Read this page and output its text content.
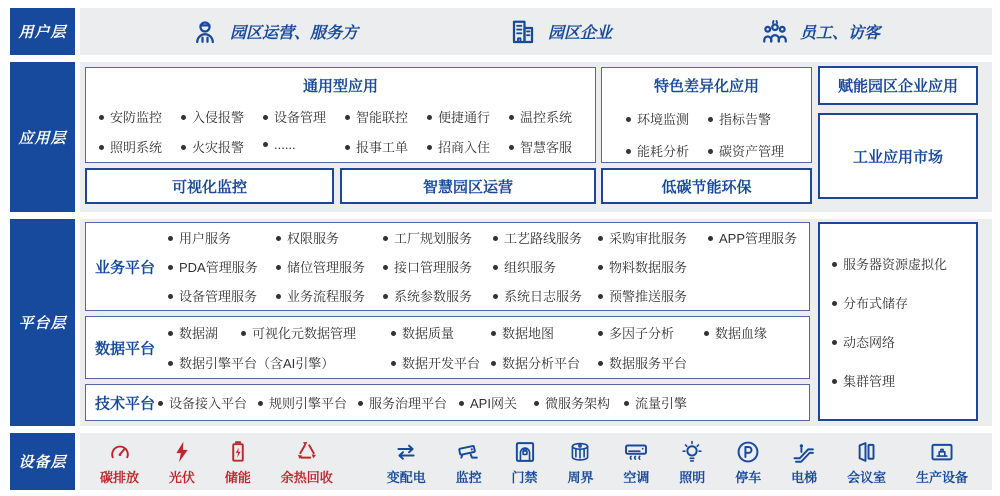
用户层	园区运营、服务方	园区企业	员工、访客
应用层
通用型应用
安防监控	入侵报警	设备管理	智能联控	便捷通行	温控系统
照明系统	火灾报警	......	报事工单	招商入住	智慧客服
特色差异化应用
环境监测	指标告警
能耗分析	碳资产管理
赋能园区企业应用
工业应用市场
可视化监控	智慧园区运营	低碳节能环保
平台层
业务平台
用户服务	权限服务	工厂规划服务	工艺路线服务	采购审批服务	APP管理服务
PDA管理服务	储位管理服务	接口管理服务	组织服务	物料数据服务
设备管理服务	业务流程服务	系统参数服务	系统日志服务	预警推送服务
数据平台
数据湖	可视化元数据管理	数据质量	数据地图	多因子分析	数据血缘
数据引擎平台（含AI引擎）	数据开发平台	数据分析平台	数据服务平台
技术平台	设备接入平台	规则引擎平台	服务治理平台	API网关	微服务架构	流量引擎
服务器资源虚拟化
分布式储存
动态网络
集群管理
设备层
碳排放 光伏 储能 余热回收	变配电 监控 门禁 周界 空调 照明 停车 电梯 会议室 生产设备
